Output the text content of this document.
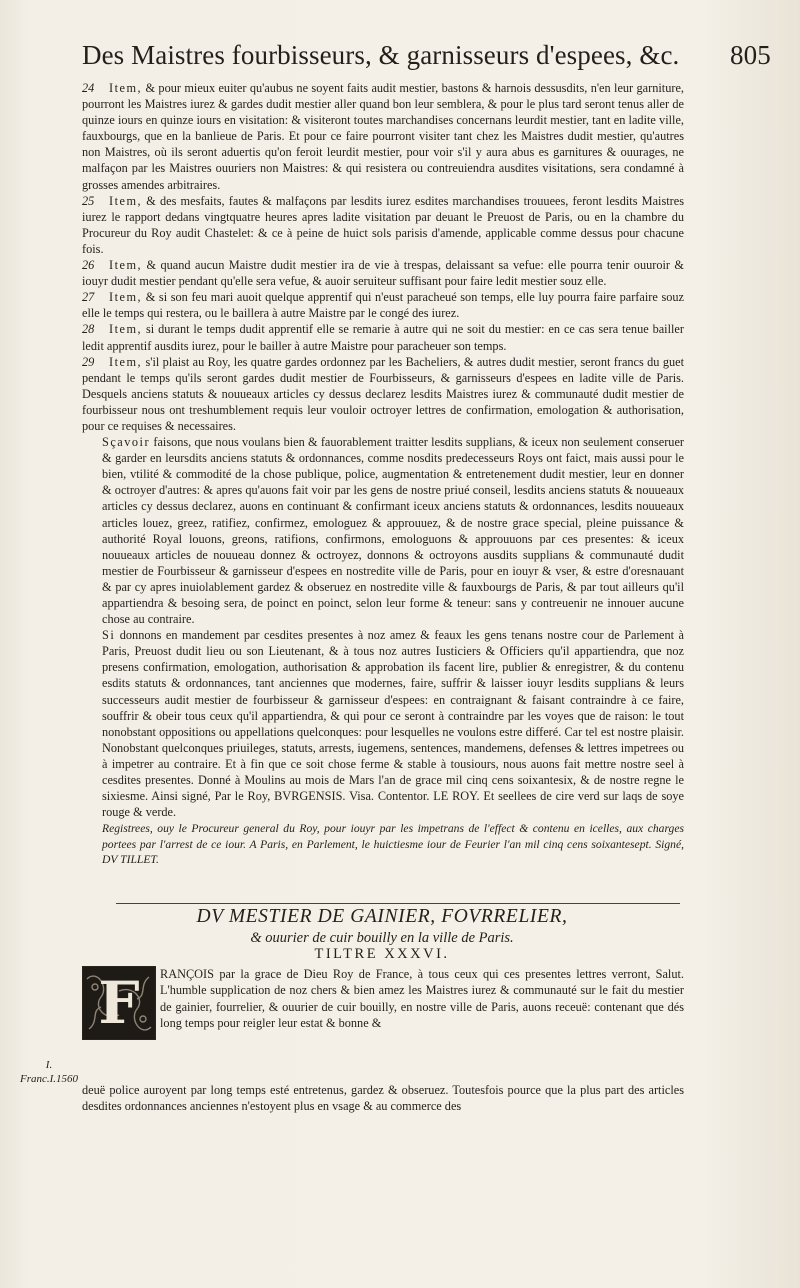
Des Maistres fourbisseurs, & garnisseurs d'espees, &c. 805

24 Item, & pour mieux euiter qu'aubus ne soyent faits audit mestier, bastons & harnois dessusdits, n'en leur garniture, pourront les Maistres iurez & gardes dudit mestier aller quand bon leur semblera, & pour le plus tard seront tenus aller de quinze iours en quinze iours en visitation: & visiteront toutes marchandises concernans leurdit mestier, tant en ladite ville, fauxbourgs, que en la banlieue de Paris. Et pour ce faire pourront visiter tant chez les Maistres dudit mestier, qu'autres non Maistres, où ils seront aduertis qu'on feroit leurdit mestier, pour voir s'il y aura abus es garnitures & ouurages, ne malfaçon par les Maistres ouuriers non Maistres: & qui resistera ou contreuiendra ausdites visitations, sera condamné à grosses amendes arbitraires.

25 Item, & des mesfaits, fautes & malfaçons par lesdits iurez esdites marchandises trouuees, feront lesdits Maistres iurez le rapport dedans vingtquatre heures apres ladite visitation par deuant le Preuost de Paris, ou en la chambre du Procureur du Roy audit Chastelet: & ce à peine de huict sols parisis d'amende, applicable comme dessus pour chacune fois.

26 Item, & quand aucun Maistre dudit mestier ira de vie à trespas, delaissant sa vefue: elle pourra tenir ouuroir & iouyr dudit mestier pendant qu'elle sera vefue, & auoir seruiteur suffisant pour faire ledit mestier souz elle.

27 Item, & si son feu mari auoit quelque apprentif qui n'eust paracheué son temps, elle luy pourra faire parfaire souz elle le temps qui restera, ou le baillera à autre Maistre par le congé des iurez.

28 Item, si durant le temps dudit apprentif elle se remarie à autre qui ne soit du mestier: en ce cas sera tenue bailler ledit apprentif ausdits iurez, pour le bailler à autre Maistre pour paracheuer son temps.

29 Item, s'il plaist au Roy, les quatre gardes ordonnez par les Bacheliers, & autres dudit mestier, seront francs du guet pendant le temps qu'ils seront gardes dudit mestier de Fourbisseurs, & garnisseurs d'espees en ladite ville de Paris. Desquels anciens statuts & nouueaux articles cy dessus declarez lesdits Maistres iurez & communauté dudit mestier de fourbisseur nous ont treshumblement requis leur vouloir octroyer lettres de confirmation, emologation & authorisation, pour ce requises & necessaires.

Sçavoir faisons, que nous voulans bien & fauorablement traitter lesdits supplians, & iceux non seulement conseruer & garder en leursdits anciens statuts & ordonnances, comme nosdits predecesseurs Roys ont faict, mais aussi pour le bien, vtilité & commodité de la chose publique, police, augmentation & entretenement dudit mestier, leur en donner & octroyer d'autres: & apres qu'auons fait voir par les gens de nostre priué conseil, lesdits anciens statuts & nouueaux articles cy dessus declarez, auons en continuant & confirmant iceux anciens statuts & ordonnances, lesdits nouueaux articles louez, greez, ratifiez, confirmez, emologuez & approuuez, & de nostre grace special, pleine puissance & authorité Royal louons, greons, ratifions, confirmons, emologuons & approuuons par ces presentes: & iceux nouueaux articles de nouueau donnez & octroyez, donnons & octroyons ausdits supplians & communauté dudit mestier de Fourbisseur & garnisseur d'espees en nostredite ville de Paris, pour en iouyr & vser, & estre d'oresnauant & par cy apres inuiolablement gardez & obseruez en nostredite ville & fauxbourgs de Paris, & par tout ailleurs qu'il appartiendra & besoing sera, de poinct en poinct, selon leur forme & teneur: sans y contreuenir ne innouer aucune chose au contraire.

Si donnons en mandement par cesdites presentes à noz amez & feaux les gens tenans nostre cour de Parlement à Paris, Preuost dudit lieu ou son Lieutenant, & à tous noz autres Iusticiers & Officiers qu'il appartiendra, que noz presens confirmation, emologation, authorisation & approbation ils facent lire, publier & enregistrer, & du contenu esdits statuts & ordonnances, tant anciennes que modernes, faire, suffrir & laisser iouyr lesdits supplians & leurs successeurs audit mestier de fourbisseur & garnisseur d'espees: en contraignant & faisant contraindre à ce faire, souffrir & obeir tous ceux qu'il appartiendra, & qui pour ce seront à contraindre par les voyes que de raison: le tout nonobstant oppositions ou appellations quelconques: pour lesquelles ne voulons estre differé. Car tel est nostre plaisir. Nonobstant quelconques priuileges, statuts, arrests, iugemens, sentences, mandemens, defenses & lettres impetrees ou à impetrer au contraire. Et à fin que ce soit chose ferme & stable à tousiours, nous auons fait mettre nostre seel à cesdites presentes. Donné à Moulins au mois de Mars l'an de grace mil cinq cens soixantesix, & de nostre regne le sixiesme. Ainsi signé, Par le Roy, BVRGENSIS. Visa. Contentor. LE ROY. Et seellees de cire verd sur laqs de soye rouge & verde.

Registrees, ouy le Procureur general du Roy, pour iouyr par les impetrans de l'effect & contenu en icelles, aux charges portees par l'arrest de ce iour. A Paris, en Parlement, le huictiesme iour de Feurier l'an mil cinq cens soixantesept. Signé, DV TILLET.

DV MESTIER DE GAINIER, FOVRRELIER,
& ouurier de cuir bouilly en la ville de Paris.
TILTRE XXXVI.
I.
Franc.I.1560
F	RANÇOIS par la grace de Dieu Roy de France, à tous ceux qui ces presentes lettres verront, Salut. L'humble supplication de noz chers & bien amez les Maistres iurez & communauté sur le fait du mestier de gainier, fourrelier, & ouurier de cuir bouilly, en nostre ville de Paris, auons receuë: contenant que dés long temps pour reigler leur estat & bonne &

deuë police auroyent par long temps esté entretenus, gardez & obseruez. Toutesfois pource que la plus part des articles desdites ordonnances anciennes n'estoyent plus en vsage & au commerce des
